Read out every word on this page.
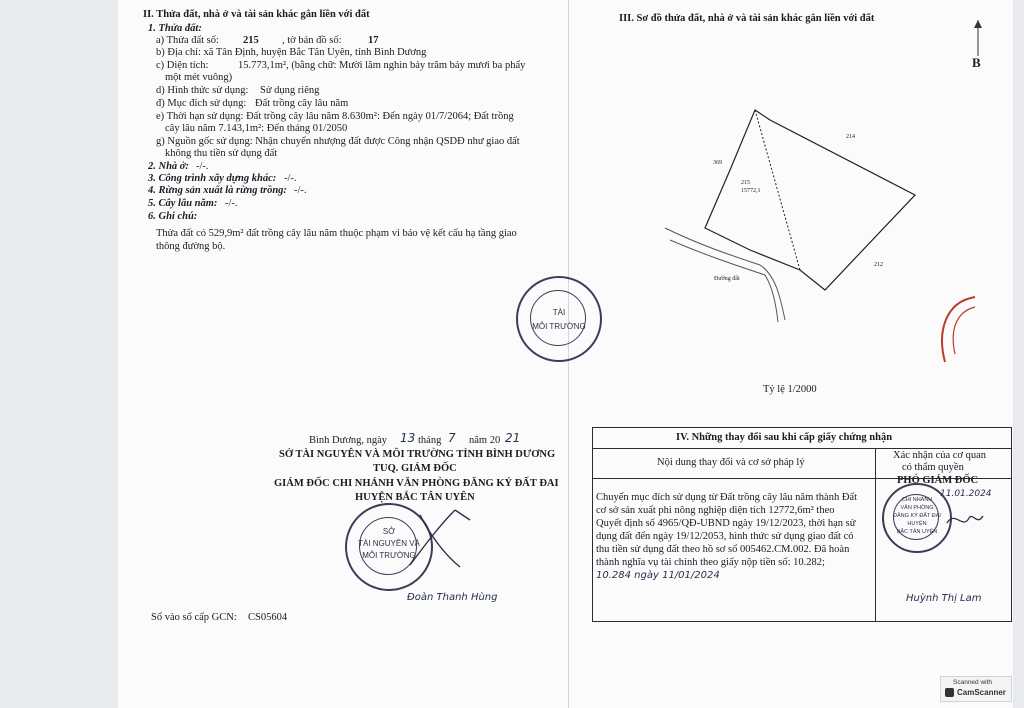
II. Thửa đất, nhà ở và tài sản khác gắn liền với đất
1. Thửa đất:
a) Thửa đất số: 215 , tờ bản đồ số:	17
b) Địa chỉ: xã Tân Định, huyện Bắc Tân Uyên, tỉnh Bình Dương
c) Diện tích:	15.773,1m², (bằng chữ: Mười lăm nghìn bảy trăm bảy mươi ba phẩy
một mét vuông)
d) Hình thức sử dụng: Sử dụng riêng
đ) Mục đích sử dụng: Đất trồng cây lâu năm
e) Thời hạn sử dụng: Đất trồng cây lâu năm 8.630m²: Đến ngày 01/7/2064; Đất trồng
cây lâu năm 7.143,1m²: Đến tháng 01/2050
g) Nguồn gốc sử dụng: Nhận chuyển nhượng đất được Công nhận QSDĐ như giao đất
không thu tiền sử dụng đất
2. Nhà ở: -/-.
3. Công trình xây dựng khác: -/-.
4. Rừng sản xuất là rừng trồng: -/-.
5. Cây lâu năm: -/-.
6. Ghi chú:
Thửa đất có 529,9m² đất trồng cây lâu năm thuộc phạm vi bảo vệ kết cấu hạ tầng giao
thông đường bộ.
TÀI
MÔI TRƯỜNG
Bình Dương, ngày 13 tháng 7 năm 20 21
SỞ TÀI NGUYÊN VÀ MÔI TRƯỜNG TỈNH BÌNH DƯƠNG
TUQ. GIÁM ĐỐC
GIÁM ĐỐC CHI NHÁNH VĂN PHÒNG ĐĂNG KÝ ĐẤT ĐAI
HUYỆN BẮC TÂN UYÊN
SỞ
TÀI NGUYÊN VÀ
MÔI TRƯỜNG
Đoàn Thanh Hùng
Số vào sổ cấp GCN: CS05604
III. Sơ đồ thửa đất, nhà ở và tài sản khác gắn liền với đất
B
215
15772,1
214
212
369
Đường đất
Tỷ lệ 1/2000
IV. Những thay đổi sau khi cấp giấy chứng nhận
Nội dung thay đổi và cơ sở pháp lý
Xác nhận của cơ quan
có thẩm quyền
Chuyển mục đích sử dụng từ Đất trồng cây lâu năm thành Đất
cơ sở sản xuất phi nông nghiệp diện tích 12772,6m² theo
Quyết định số 4965/QĐ-UBND ngày 19/12/2023, thời hạn sử
dụng đất đến ngày 19/12/2053, hình thức sử dụng giao đất có
thu tiền sử dụng đất theo hồ sơ số 005462.CM.002. Đã hoàn
thành nghĩa vụ tài chính theo giấy nộp tiền số: 10.282;
10.284 ngày 11/01/2024
PHÓ GIÁM ĐỐC
11.01.2024
CHI NHÁNH
VĂN PHÒNG
ĐĂNG KÝ ĐẤT ĐAI
HUYỆN
BẮC TÂN UYÊN
Huỳnh Thị Lam
Scanned with
CamScanner
